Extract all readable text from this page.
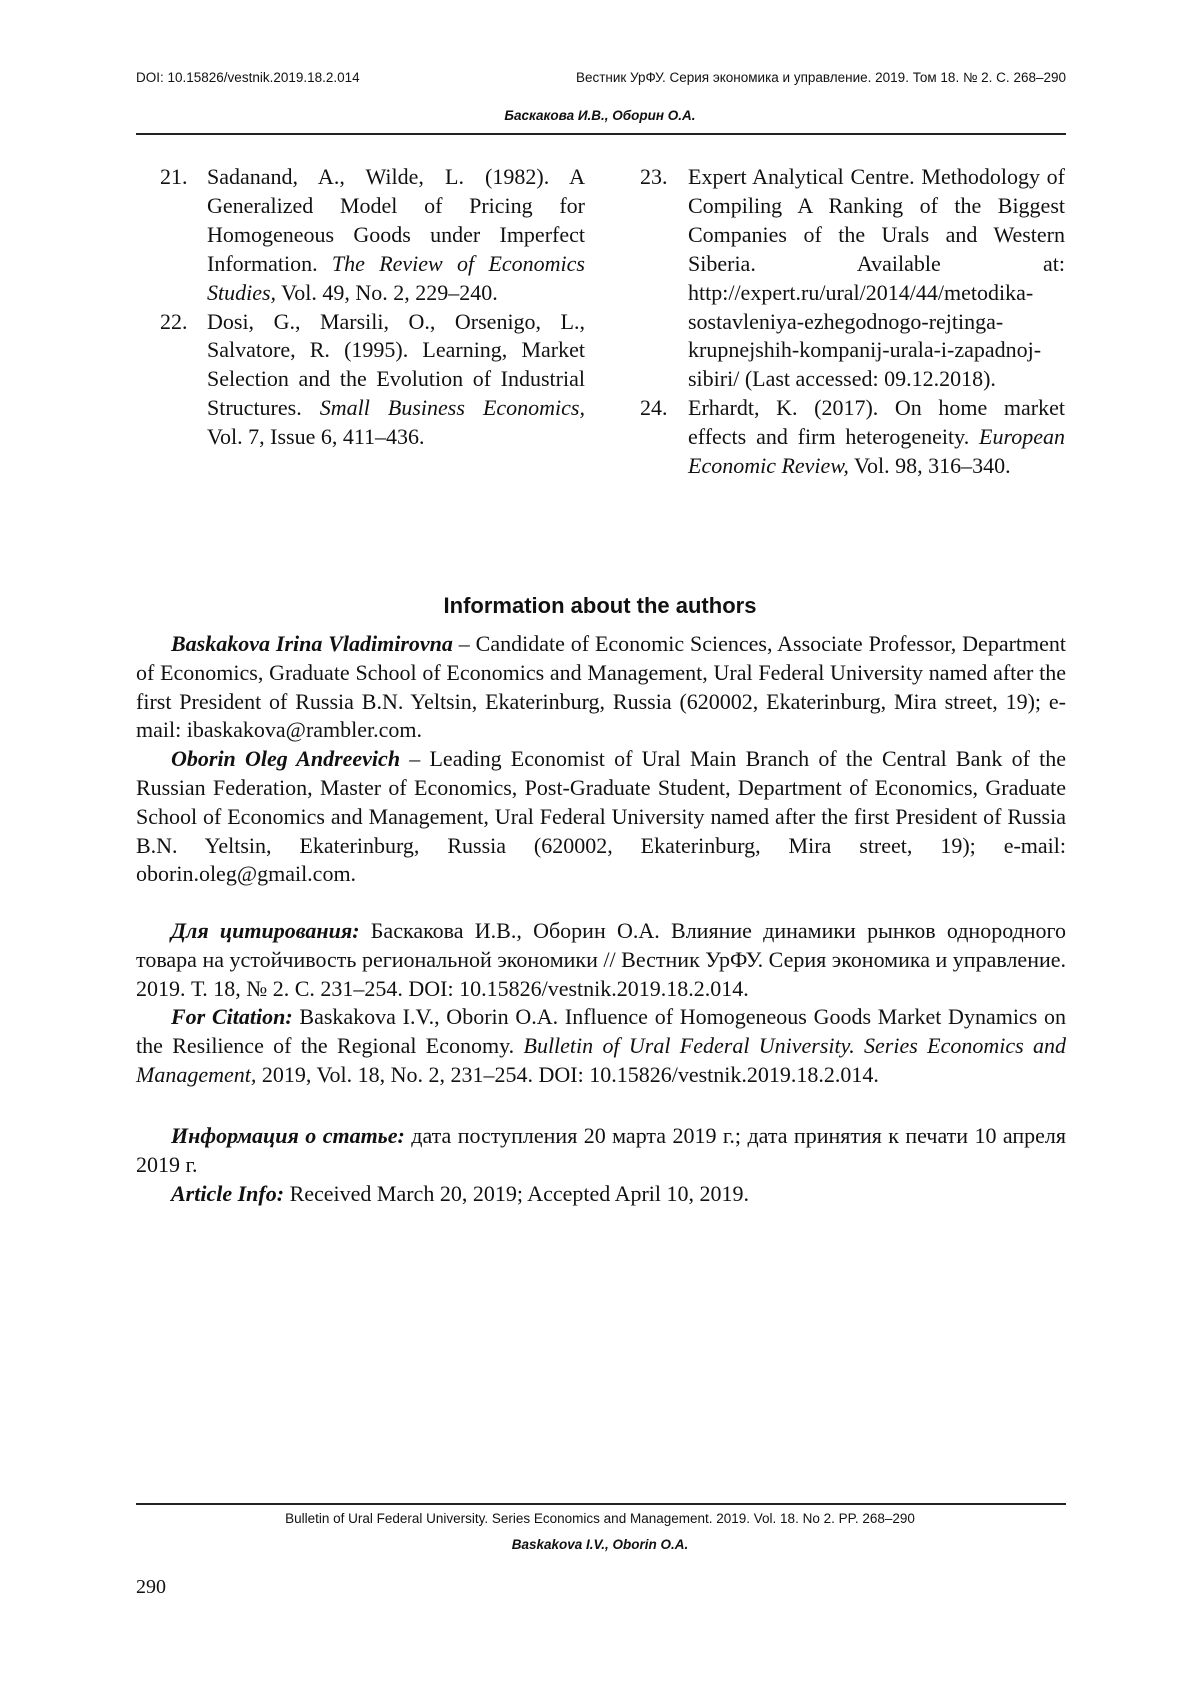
DOI: 10.15826/vestnik.2019.18.2.014	Вестник УрФУ. Серия экономика и управление. 2019. Том 18. № 2. С. 268–290
Баскакова И.В., Оборин О.А.
21. Sadanand, A., Wilde, L. (1982). A Generalized Model of Pricing for Homogeneous Goods under Imperfect Information. The Review of Economics Studies, Vol. 49, No. 2, 229–240.
22. Dosi, G., Marsili, O., Orsenigo, L., Salvatore, R. (1995). Learning, Market Selection and the Evolution of Industrial Structures. Small Business Economics, Vol. 7, Issue 6, 411–436.
23. Expert Analytical Centre. Methodology of Compiling A Ranking of the Biggest Companies of the Urals and Western Siberia. Available at: http://expert.ru/ural/2014/44/metodika-sostavleniya-ezhegodnogo-rejtinga-krupnejshih-kompanij-urala-i-zapadnoj-sibiri/ (Last accessed: 09.12.2018).
24. Erhardt, K. (2017). On home market effects and firm heterogeneity. European Economic Review, Vol. 98, 316–340.
Information about the authors

Baskakova Irina Vladimirovna – Candidate of Economic Sciences, Associate Professor, Department of Economics, Graduate School of Economics and Management, Ural Federal University named after the first President of Russia B.N. Yeltsin, Ekaterinburg, Russia (620002, Ekaterinburg, Mira street, 19); e-mail: ibaskakova@rambler.com.

Oborin Oleg Andreevich – Leading Economist of Ural Main Branch of the Central Bank of the Russian Federation, Master of Economics, Post-Graduate Student, Department of Economics, Graduate School of Economics and Management, Ural Federal University named after the first President of Russia B.N. Yeltsin, Ekaterinburg, Russia (620002, Ekaterinburg, Mira street, 19); e-mail: oborin.oleg@gmail.com.

Для цитирования: Баскакова И.В., Оборин О.А. Влияние динамики рынков однородного товара на устойчивость региональной экономики // Вестник УрФУ. Серия экономика и управление. 2019. Т. 18, № 2. С. 231–254. DOI: 10.15826/vestnik.2019.18.2.014.

For Citation: Baskakova I.V., Oborin O.A. Influence of Homogeneous Goods Market Dynamics on the Resilience of the Regional Economy. Bulletin of Ural Federal University. Series Economics and Management, 2019, Vol. 18, No. 2, 231–254. DOI: 10.15826/vestnik.2019.18.2.014.

Информация о статье: дата поступления 20 марта 2019 г.; дата принятия к печати 10 апреля 2019 г.

Article Info: Received March 20, 2019; Accepted April 10, 2019.

Bulletin of Ural Federal University. Series Economics and Management. 2019. Vol. 18. No 2. PP. 268–290
Baskakova I.V., Oborin O.A.
290
